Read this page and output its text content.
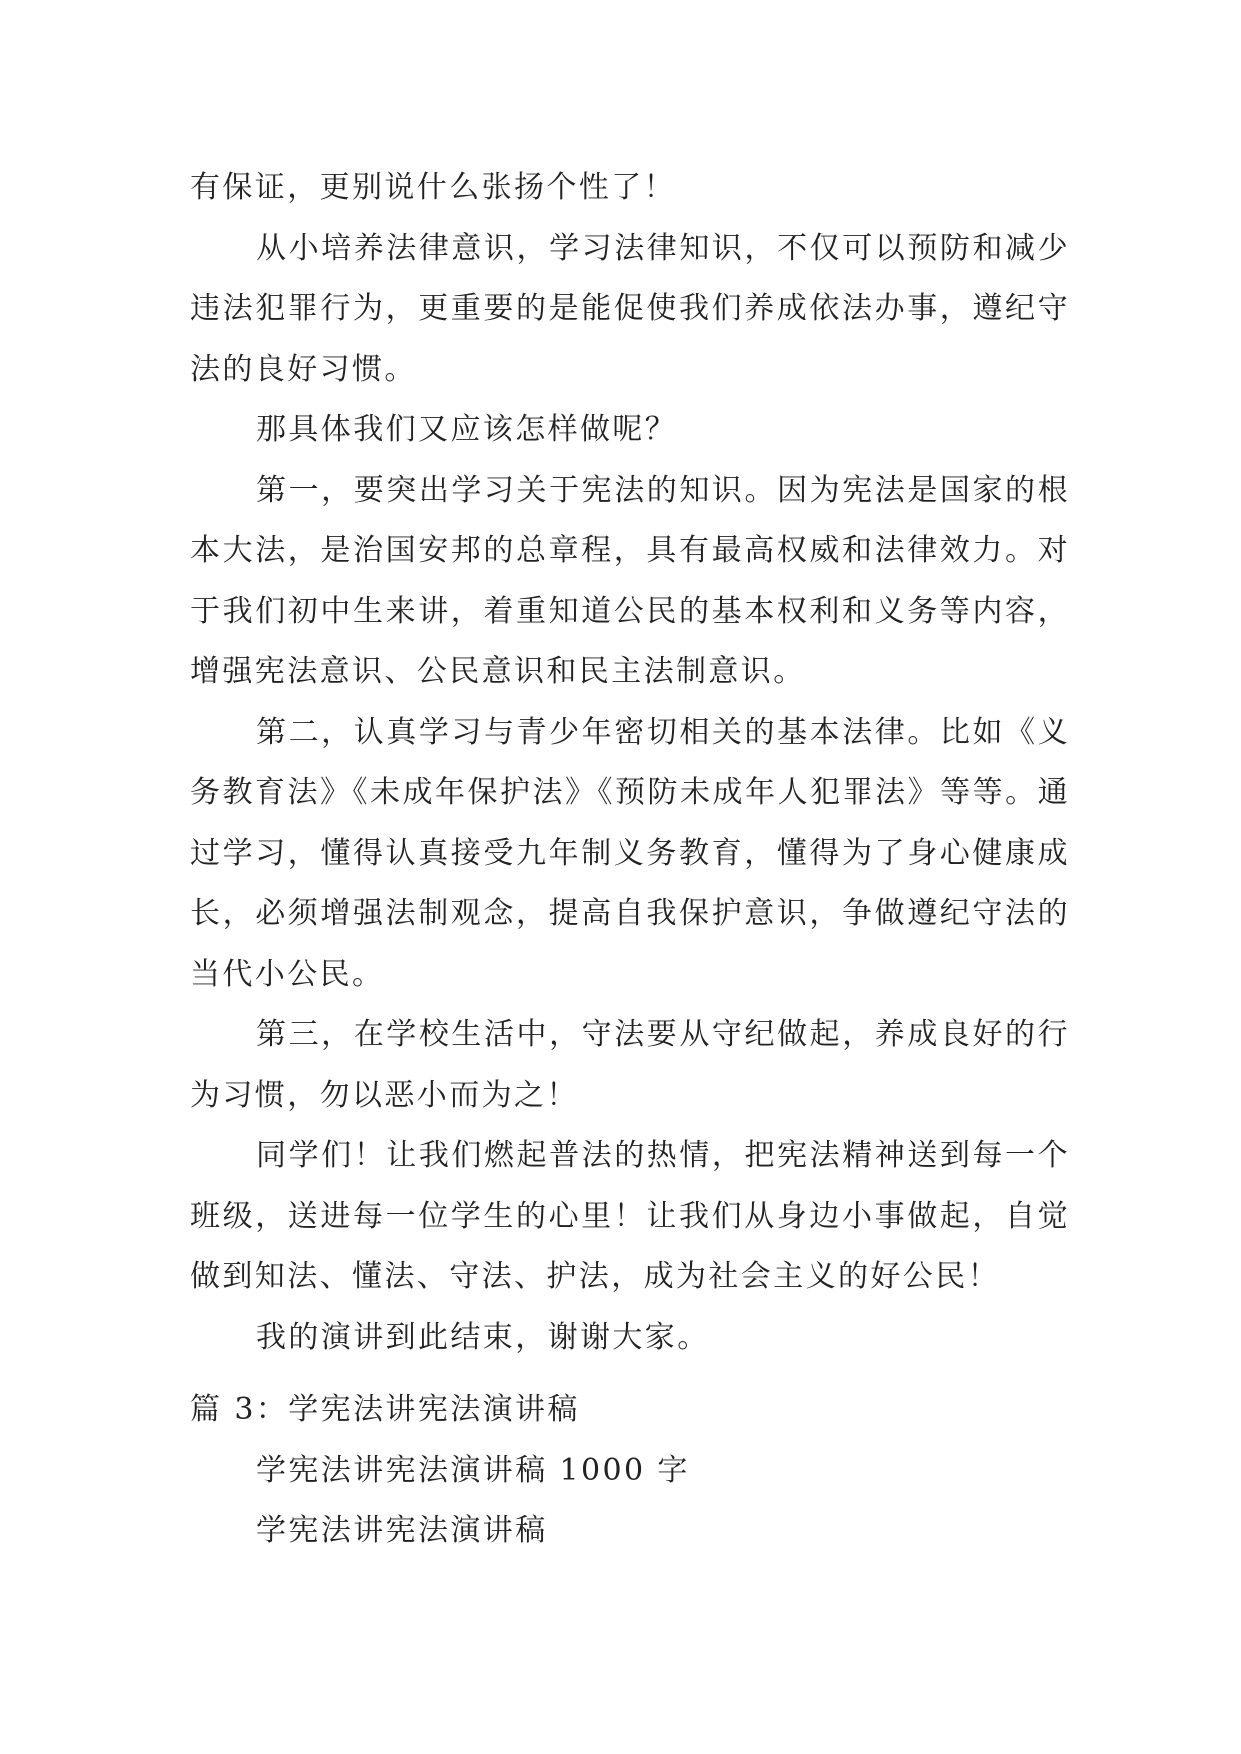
有保证，更别说什么张扬个性了！

从小培养法律意识，学习法律知识，不仅可以预防和减少违法犯罪行为，更重要的是能促使我们养成依法办事，遵纪守法的良好习惯。

那具体我们又应该怎样做呢？

第一，要突出学习关于宪法的知识。因为宪法是国家的根本大法，是治国安邦的总章程，具有最高权威和法律效力。对于我们初中生来讲，着重知道公民的基本权利和义务等内容，增强宪法意识、公民意识和民主法制意识。

第二，认真学习与青少年密切相关的基本法律。比如《义务教育法》《未成年保护法》《预防未成年人犯罪法》等等。通过学习，懂得认真接受九年制义务教育，懂得为了身心健康成长，必须增强法制观念，提高自我保护意识，争做遵纪守法的当代小公民。

第三，在学校生活中，守法要从守纪做起，养成良好的行为习惯，勿以恶小而为之！

同学们！让我们燃起普法的热情，把宪法精神送到每一个班级，送进每一位学生的心里！让我们从身边小事做起，自觉做到知法、懂法、守法、护法，成为社会主义的好公民！

我的演讲到此结束，谢谢大家。

篇 3：学宪法讲宪法演讲稿

学宪法讲宪法演讲稿 1000 字

学宪法讲宪法演讲稿
